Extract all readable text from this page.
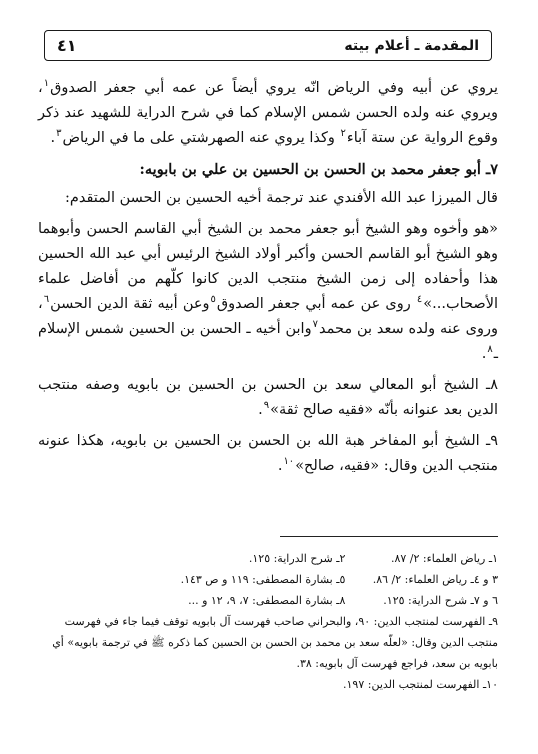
المقدمة ـ أعلام بيته
٤١

يروي عن أبيه وفي الرياض انّه يروي أيضاً عن عمه أبي جعفر الصدوق$^١$، ويروي عنه ولده الحسن شمس الإسلام كما في شرح الدراية للشهيد عند ذكر وقوع الرواية عن ستة آباء$^٢$ وكذا يروي عنه الصهرشتي على ما في الرياض$^٣$.

٧ـ أبو جعفر محمد بن الحسن بن الحسين بن علي بن بابويه:

قال الميرزا عبد الله الأفندي عند ترجمة أخيه الحسين بن الحسن المتقدم:

«هو وأخوه وهو الشيخ أبو جعفر محمد بن الشيخ أبي القاسم الحسن وأبوهما وهو الشيخ أبو القاسم الحسن وأكبر أولاد الشيخ الرئيس أبي عبد الله الحسين هذا وأحفاده إلى زمن الشيخ منتجب الدين كانوا كلّهم من أفاضل علماء الأصحاب...»$^٤$ روى عن عمه أبي جعفر الصدوق$^٥$وعن أبيه ثقة الدين الحسن$^٦$، وروى عنه ولده سعد بن محمد$^٧$وابن أخيه ـ الحسن بن الحسين شمس الإسلام ـ$^٨$.

٨ـ الشيخ أبو المعالي سعد بن الحسن بن الحسين بن بابويه وصفه منتجب الدين بعد عنوانه بأنّه «فقيه صالح ثقة»$^٩$.

٩ـ الشيخ أبو المفاخر هبة الله بن الحسن بن الحسين بن بابويه، هكذا عنونه منتجب الدين وقال: «فقيه، صالح»$^{١٠}$.

١ـ رياض العلماء: ٢/ ٨٧.
٢ـ شرح الدراية: ١٢٥.
٣ و ٤ـ رياض العلماء: ٢/ ٨٦.
٥ـ بشارة المصطفى: ١١٩ و ص ١٤٣.
٦ و ٧ـ شرح الدراية: ١٢٥.
٨ـ بشارة المصطفى: ٧، ٩، ١٢ و ...
٩ـ الفهرست لمنتجب الدين: ٩٠، والبحراني صاحب فهرست آل بابويه توقف فيما جاء في فهرست منتجب الدين وقال: «لعلّه سعد بن محمد بن الحسن بن الحسين كما ذكره ﷺ في ترجمة بابويه» أي بابويه بن سعد، فراجع فهرست آل بابويه: ٣٨.
١٠ـ الفهرست لمنتجب الدين: ١٩٧.
